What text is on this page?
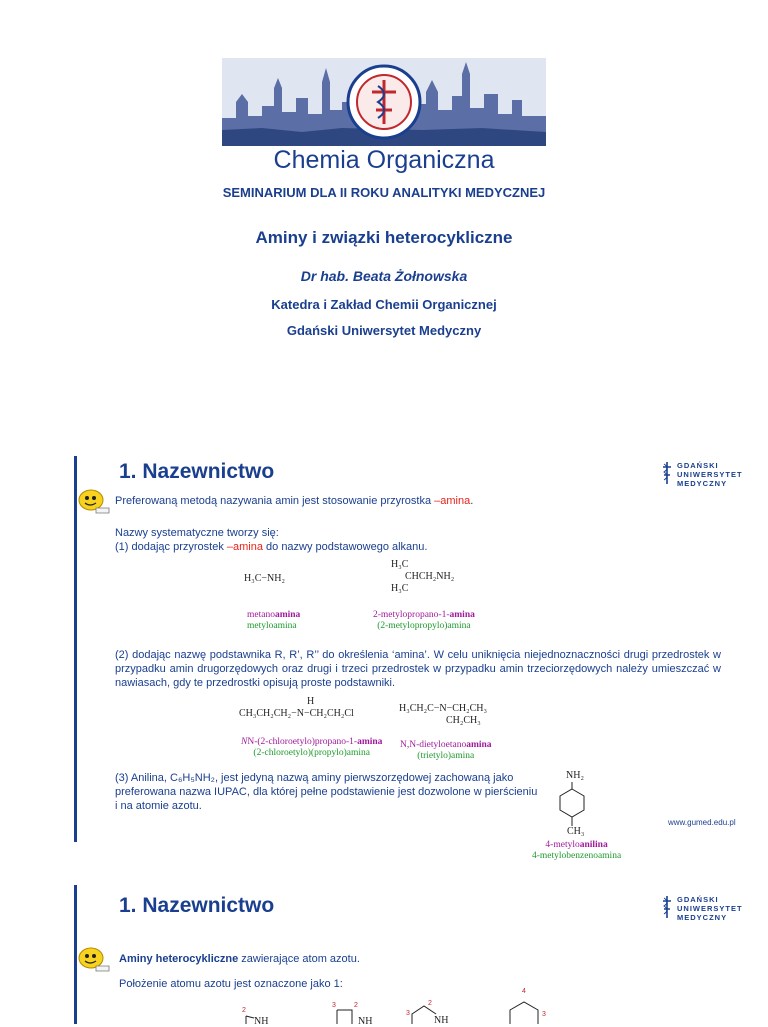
Chemia Organiczna
SEMINARIUM DLA II ROKU ANALITYKI MEDYCZNEJ
Aminy i związki heterocykliczne
Dr hab. Beata Żołnowska
Katedra i Zakład Chemii Organicznej
Gdański Uniwersytet Medyczny
1. Nazewnictwo	GDAŃSKI
UNIWERSYTET
MEDYCZNY
Preferowaną metodą nazywania amin jest stosowanie przyrostka –amina.
Nazwy systematyczne tworzy się:
(1) dodając przyrostek –amina do nazwy podstawowego alkanu.
H₃C−NH₂
metanoamina
metyloamina
H₃C
CHCH₂NH₂
H₃C
2-metylopropano-1-amina
(2-metylopropylo)amina
(2) dodając nazwę podstawnika R, R’, R’’ do określenia ‘amina’. W celu uniknięcia niejednoznaczności drugi przedrostek w przypadku amin drugorzędowych oraz drugi i trzeci przedrostek w przypadku amin trzeciorzędowych należy umieszczać w nawiasach, gdy te przedrostki opisują proste podstawniki.
H
CH₃CH₂CH₂−N−CH₂CH₂Cl
NN-(2-chloroetylo)propano-1-amina
(2-chloroetylo)(propylo)amina
H₃CH₂C−N−CH₂CH₃
CH₂CH₃
N,N-dietyloetanoamina
(trietylo)amina
(3) Anilina, C₆H₅NH₂, jest jedyną nazwą aminy pierwszorzędowej zachowaną jako preferowana nazwa IUPAC, dla której pełne podstawienie jest dozwolone w pierścieniu i na atomie azotu.
NH₂
CH₃
4-metyloanilina
4-metylobenzenoamina
www.gumed.edu.pl
1. Nazewnictwo	GDAŃSKI
UNIWERSYTET
MEDYCZNY
Aminy heterocykliczne zawierające atom azotu.
Położenie atomu azotu jest oznaczone jako 1:
2
NH
3	2
NH
2
3
NH
3
4
